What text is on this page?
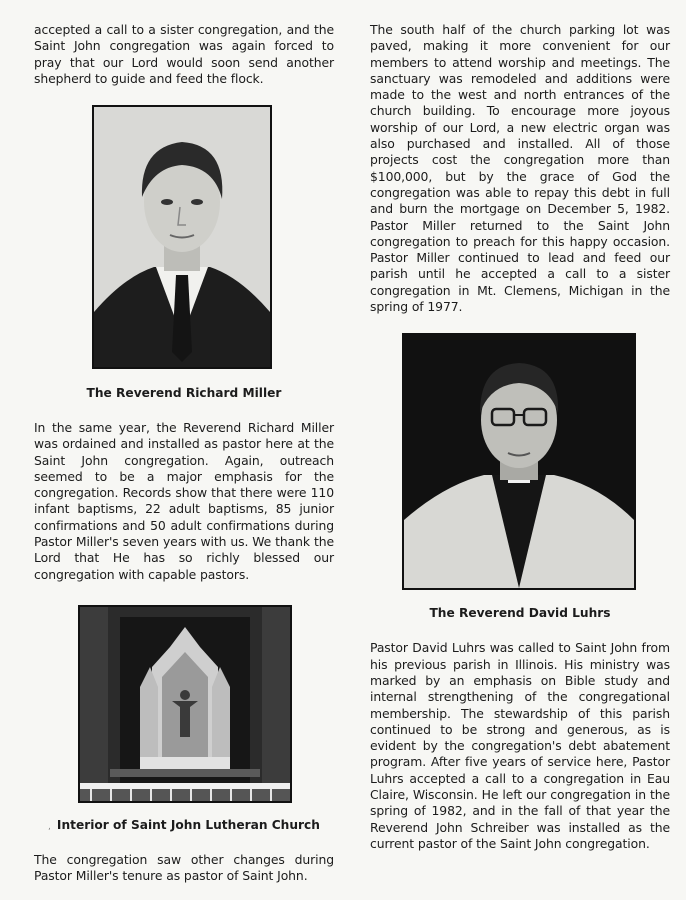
accepted a call to a sister congregation, and the Saint John congregation was again forced to pray that our Lord would soon send another shepherd to guide and feed the flock.

The Reverend Richard Miller

In the same year, the Reverend Richard Miller was ordained and installed as pastor here at the Saint John congregation. Again, outreach seemed to be a major emphasis for the congregation. Records show that there were 110 infant baptisms, 22 adult baptisms, 85 junior confirmations and 50 adult confirmations during Pastor Miller's seven years with us. We thank the Lord that He has so richly blessed our congregation with capable pastors.

, Interior of Saint John Lutheran Church

The congregation saw other changes during Pastor Miller's tenure as pastor of Saint John.

The south half of the church parking lot was paved, making it more convenient for our members to attend worship and meetings. The sanctuary was remodeled and additions were made to the west and north entrances of the church building. To encourage more joyous worship of our Lord, a new electric organ was also purchased and installed. All of those projects cost the congregation more than $100,000, but by the grace of God the congregation was able to repay this debt in full and burn the mortgage on December 5, 1982. Pastor Miller returned to the Saint John congregation to preach for this happy occasion. Pastor Miller continued to lead and feed our parish until he accepted a call to a sister congregation in Mt. Clemens, Michigan in the spring of 1977.

The Reverend David Luhrs

Pastor David Luhrs was called to Saint John from his previous parish in Illinois. His ministry was marked by an emphasis on Bible study and internal strengthening of the congregational membership. The stewardship of this parish continued to be strong and generous, as is evident by the congregation's debt abatement program. After five years of service here, Pastor Luhrs accepted a call to a congregation in Eau Claire, Wisconsin. He left our congregation in the spring of 1982, and in the fall of that year the Reverend John Schreiber was installed as the current pastor of the Saint John congregation.
